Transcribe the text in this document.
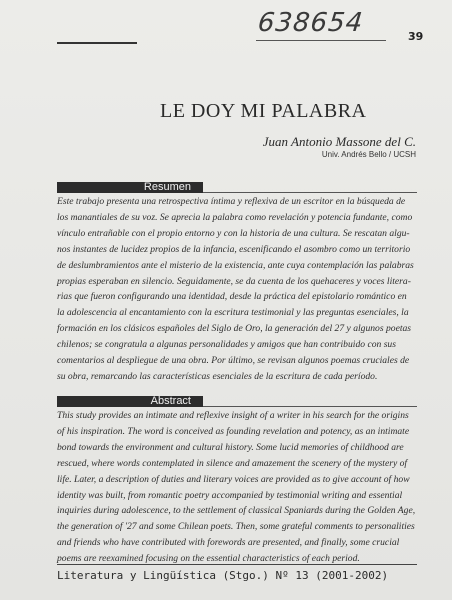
638654	39
LE DOY MI PALABRA
Juan Antonio Massone del C.
Univ. Andrés Bello / UCSH
Resumen
Este trabajo presenta una retrospectiva íntima y reflexiva de un escritor en la búsqueda de
los manantiales de su voz. Se aprecia la palabra como revelación y potencia fundante, como
vínculo entrañable con el propio entorno y con la historia de una cultura. Se rescatan algu-
nos instantes de lucidez propios de la infancia, escenificando el asombro como un territorio
de deslumbramientos ante el misterio de la existencia, ante cuya contemplación las palabras
propias esperaban en silencio. Seguidamente, se da cuenta de los quehaceres y voces litera-
rias que fueron configurando una identidad, desde la práctica del epistolario romántico en
la adolescencia al encantamiento con la escritura testimonial y las preguntas esenciales, la
formación en los clásicos españoles del Siglo de Oro, la generación del 27 y algunos poetas
chilenos; se congratula a algunas personalidades y amigos que han contribuido con sus
comentarios al despliegue de una obra. Por último, se revisan algunos poemas cruciales de
su obra, remarcando las características esenciales de la escritura de cada período.
Abstract
This study provides an intimate and reflexive insight of a writer in his search for the origins
of his inspiration. The word is conceived as founding revelation and potency, as an intimate
bond towards the environment and cultural history. Some lucid memories of childhood are
rescued, where words contemplated in silence and amazement the scenery of the mystery of
life. Later, a description of duties and literary voices are provided as to give account of how
identity was built, from romantic poetry accompanied by testimonial writing and essential
inquiries during adolescence, to the settlement of classical Spaniards during the Golden Age,
the generation of '27 and some Chilean poets. Then, some grateful comments to personalities
and friends who have contributed with forewords are presented, and finally, some crucial
poems are reexamined focusing on the essential characteristics of each period.
Literatura y Lingüística (Stgo.) Nº 13 (2001-2002)
